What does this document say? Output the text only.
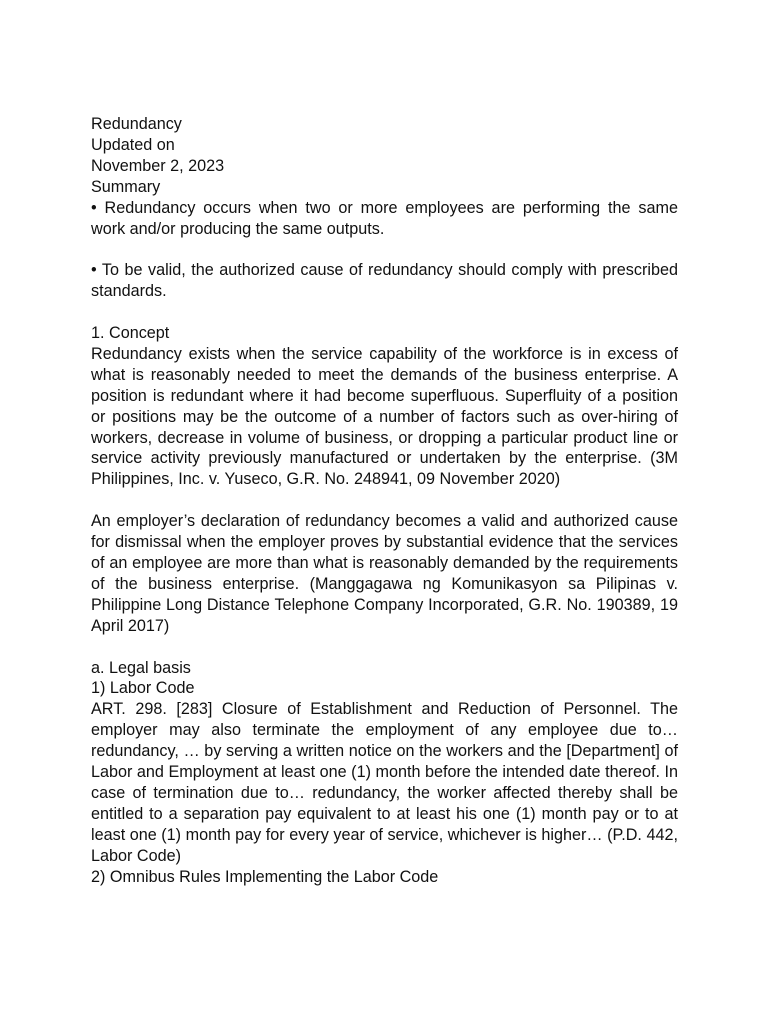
Redundancy

Updated on

November 2, 2023

Summary

• Redundancy occurs when two or more employees are performing the same work and/or producing the same outputs.

• To be valid, the authorized cause of redundancy should comply with prescribed standards.

1. Concept

Redundancy exists when the service capability of the workforce is in excess of what is reasonably needed to meet the demands of the business enterprise. A position is redundant where it had become superfluous. Superfluity of a position or positions may be the outcome of a number of factors such as over-hiring of workers, decrease in volume of business, or dropping a particular product line or service activity previously manufactured or undertaken by the enterprise. (3M Philippines, Inc. v. Yuseco, G.R. No. 248941, 09 November 2020)

An employer’s declaration of redundancy becomes a valid and authorized cause for dismissal when the employer proves by substantial evidence that the services of an employee are more than what is reasonably demanded by the requirements of the business enterprise. (Manggagawa ng Komunikasyon sa Pilipinas v. Philippine Long Distance Telephone Company Incorporated, G.R. No. 190389, 19 April 2017)

a. Legal basis

1) Labor Code

ART. 298. [283] Closure of Establishment and Reduction of Personnel. The employer may also terminate the employment of any employee due to… redundancy, … by serving a written notice on the workers and the [Department] of Labor and Employment at least one (1) month before the intended date thereof. In case of termination due to… redundancy, the worker affected thereby shall be entitled to a separation pay equivalent to at least his one (1) month pay or to at least one (1) month pay for every year of service, whichever is higher… (P.D. 442, Labor Code)

2) Omnibus Rules Implementing the Labor Code
